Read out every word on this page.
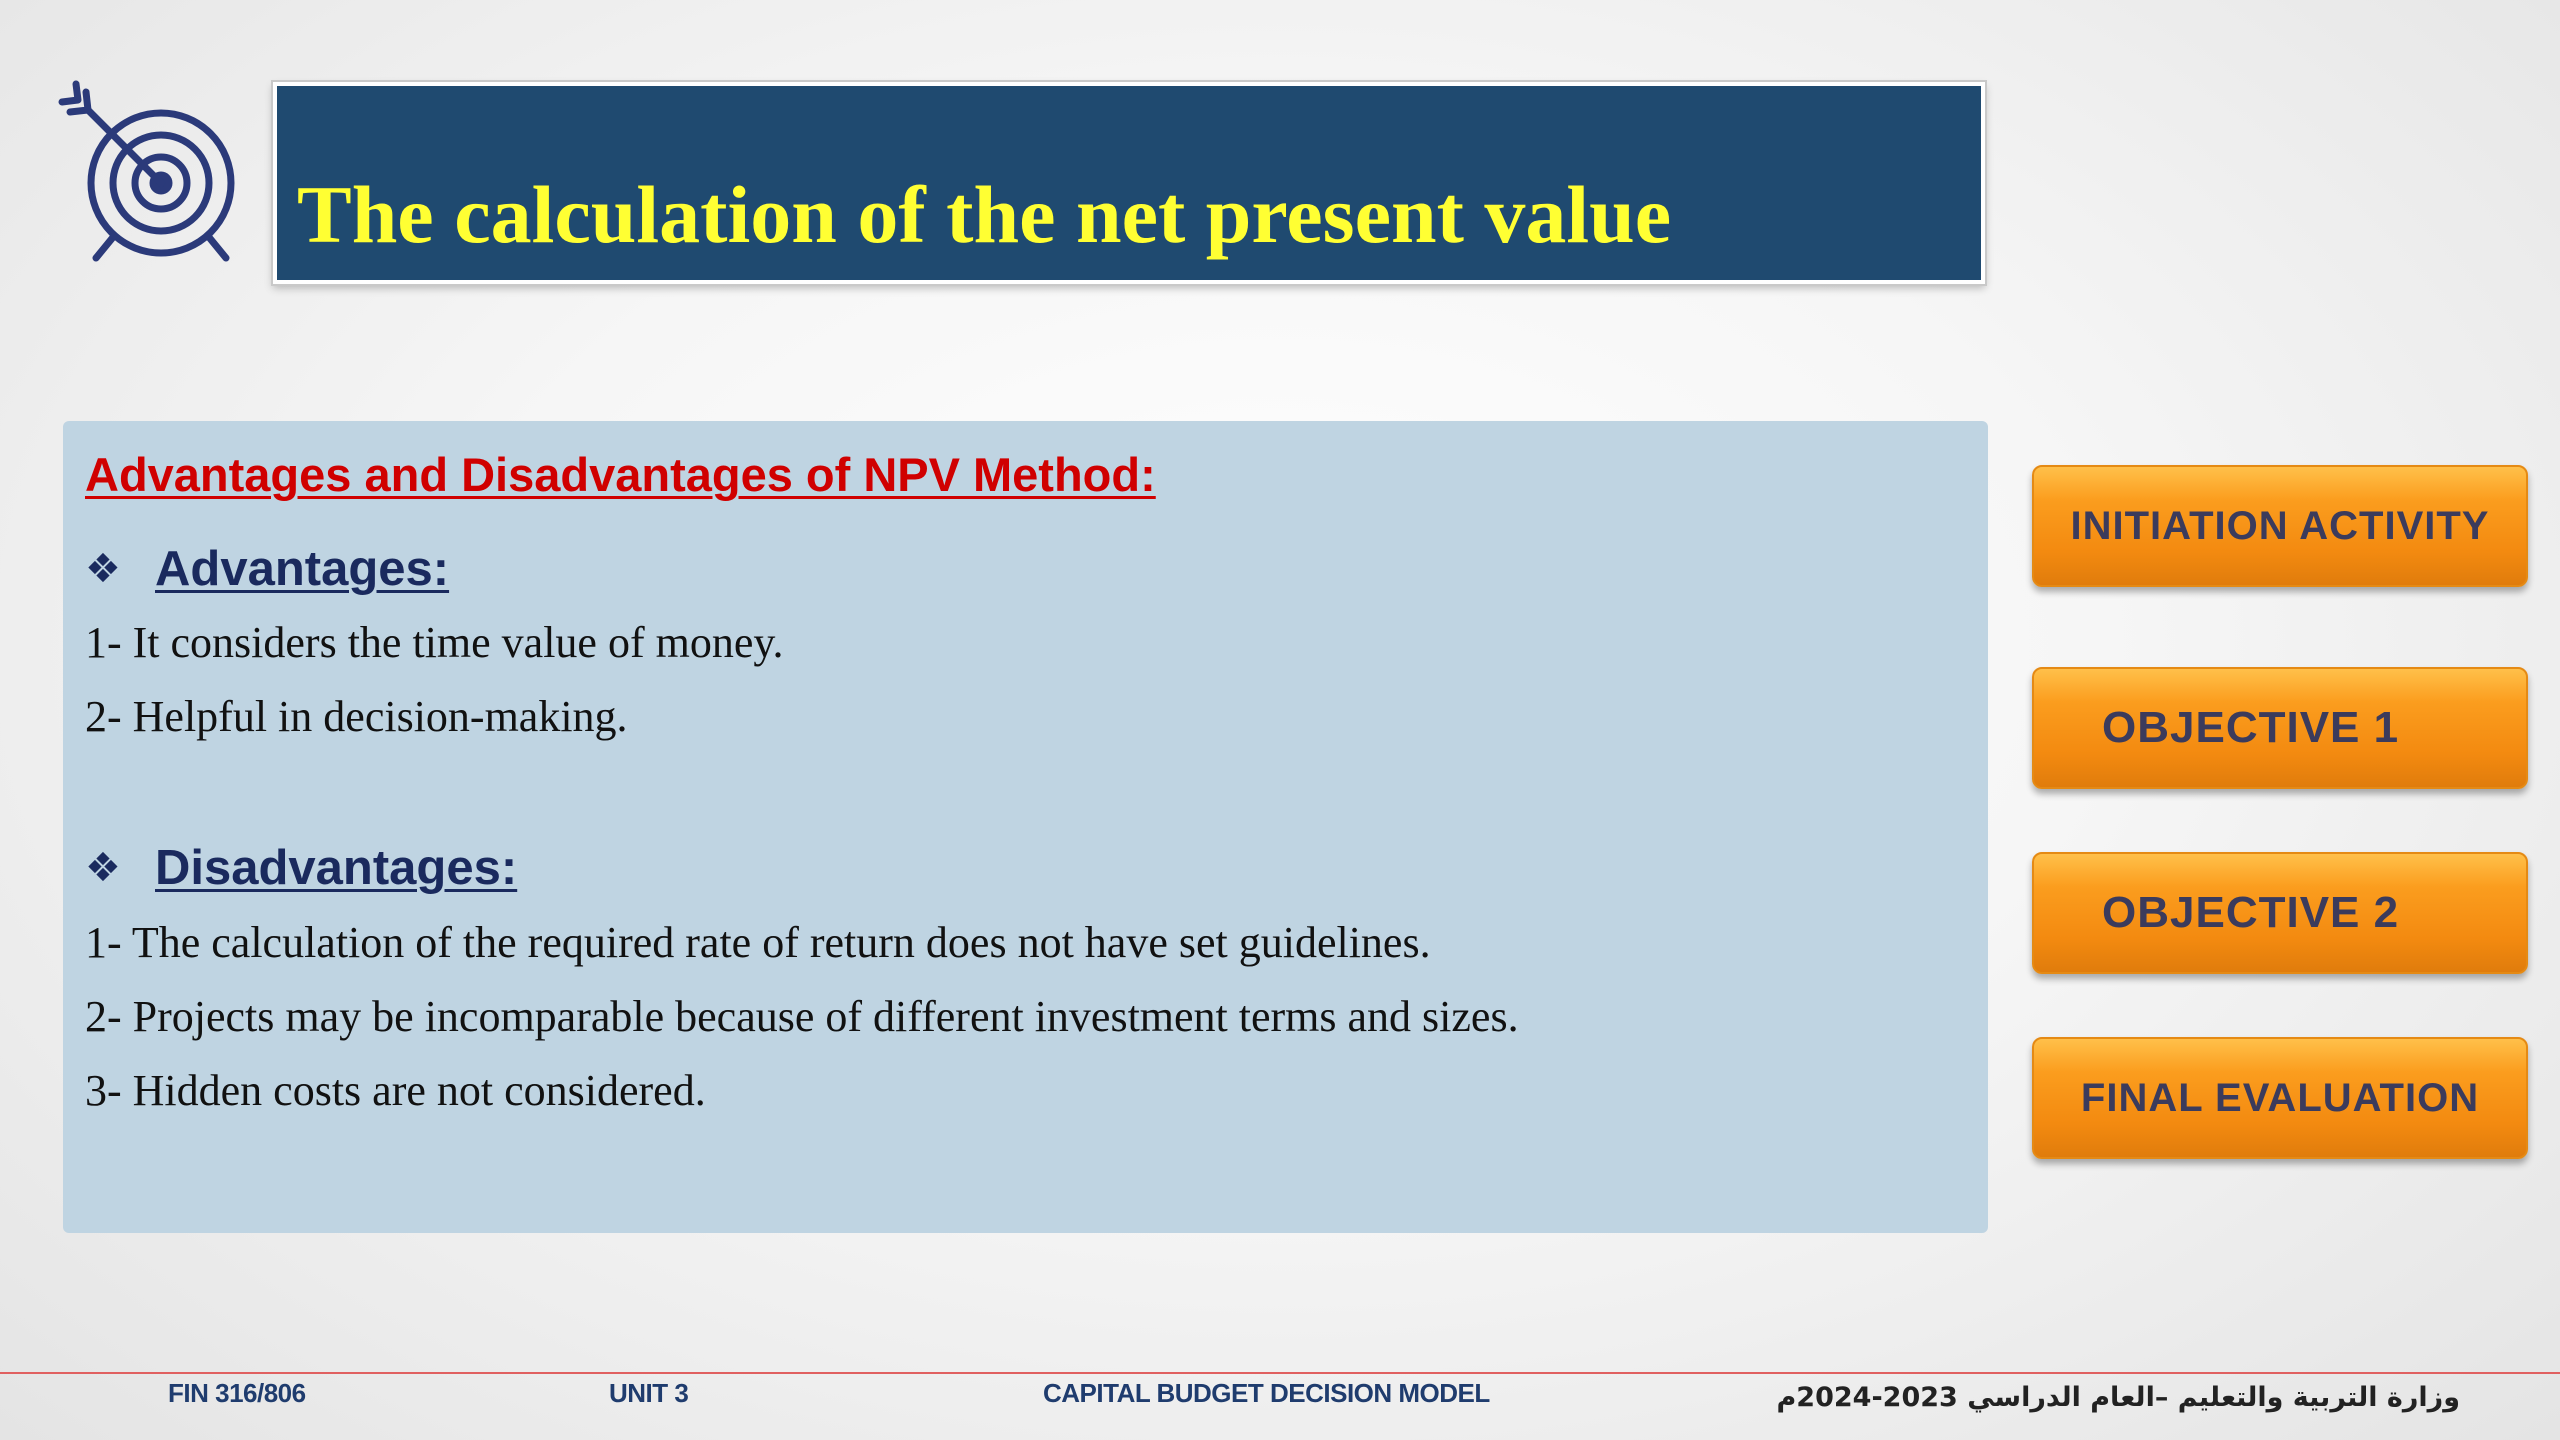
The calculation of the net present value

Advantages and Disadvantages of NPV Method:

❖ Advantages:

1- It considers the time value of money.

2- Helpful in decision-making.

❖ Disadvantages:

1- The calculation of the required rate of return does not have set guidelines.

2- Projects may be incomparable because of different investment terms and sizes.

3- Hidden costs are not considered.

INITIATION ACTIVITY
OBJECTIVE 1
OBJECTIVE 2
FINAL EVALUATION

FIN 316/806	UNIT 3	CAPITAL BUDGET DECISION MODEL	وزارة التربية والتعليم –العام الدراسي 2023-2024م
